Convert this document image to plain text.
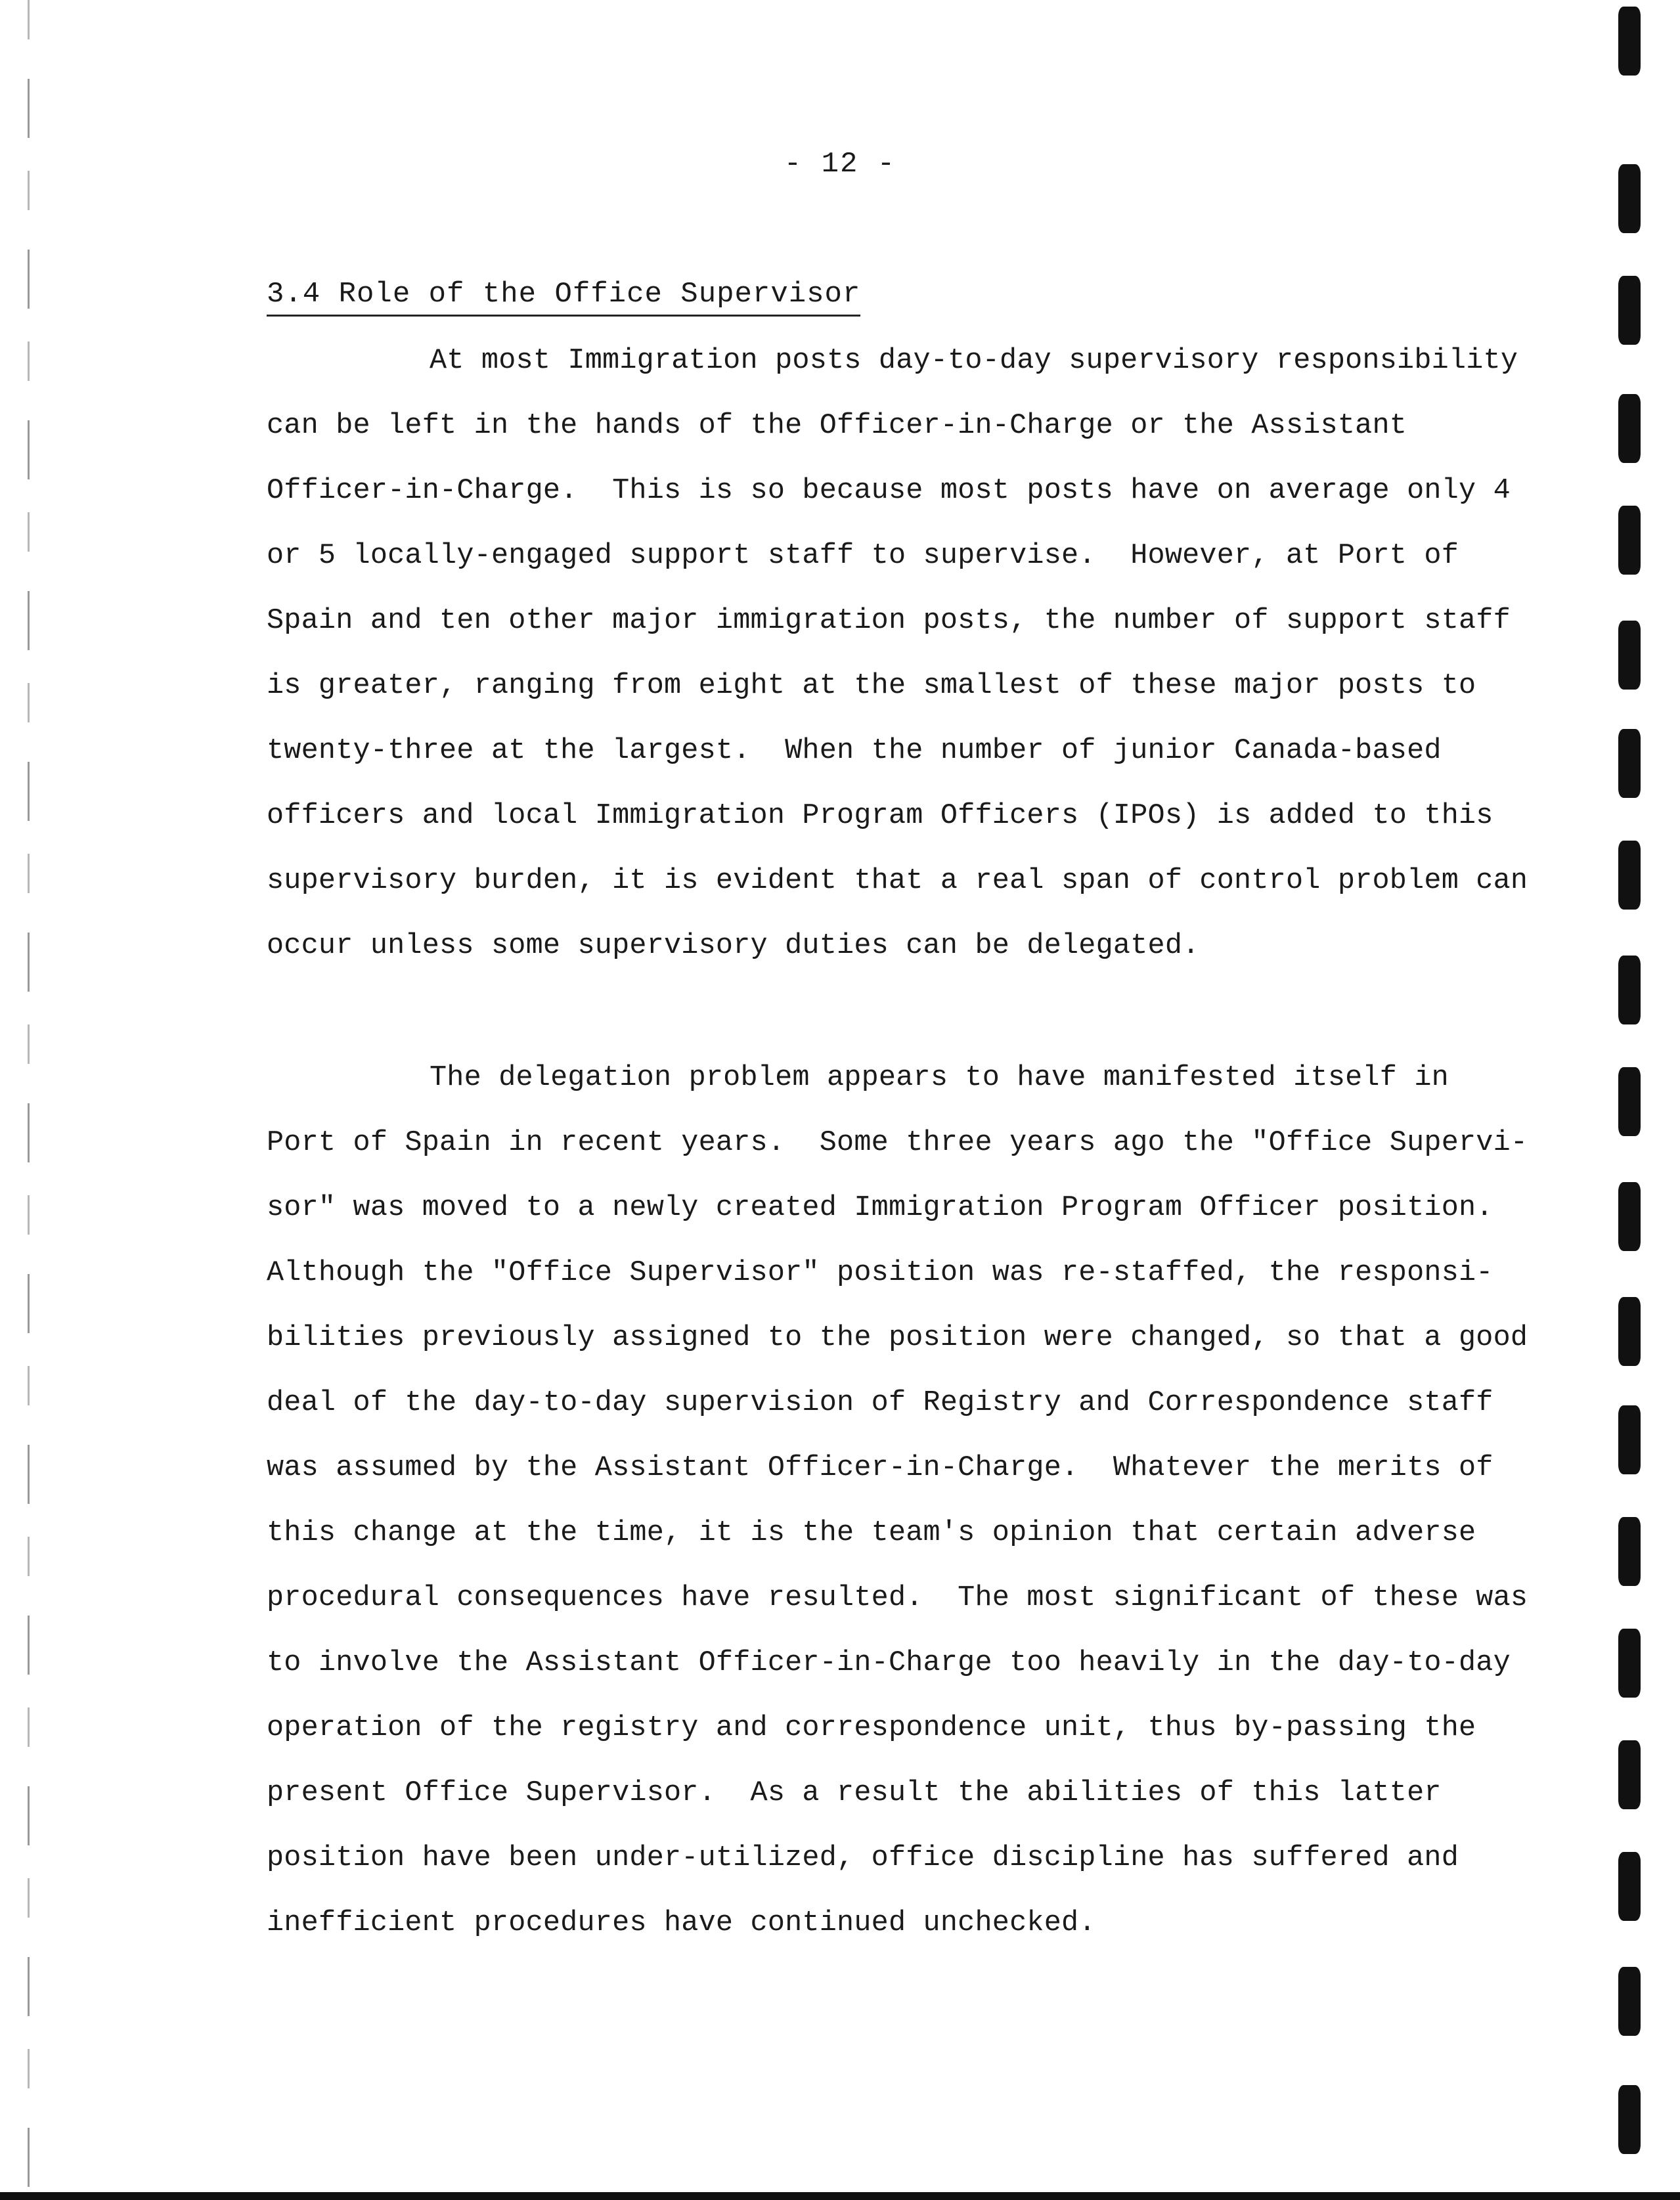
- 12 -
3.4 Role of the Office Supervisor
At most Immigration posts day-to-day supervisory responsibility
can be left in the hands of the Officer-in-Charge or the Assistant
Officer-in-Charge.  This is so because most posts have on average only 4
or 5 locally-engaged support staff to supervise.  However, at Port of
Spain and ten other major immigration posts, the number of support staff
is greater, ranging from eight at the smallest of these major posts to
twenty-three at the largest.  When the number of junior Canada-based
officers and local Immigration Program Officers (IPOs) is added to this
supervisory burden, it is evident that a real span of control problem can
occur unless some supervisory duties can be delegated.
The delegation problem appears to have manifested itself in
Port of Spain in recent years.  Some three years ago the "Office Supervi-
sor" was moved to a newly created Immigration Program Officer position.
Although the "Office Supervisor" position was re-staffed, the responsi-
bilities previously assigned to the position were changed, so that a good
deal of the day-to-day supervision of Registry and Correspondence staff
was assumed by the Assistant Officer-in-Charge.  Whatever the merits of
this change at the time, it is the team's opinion that certain adverse
procedural consequences have resulted.  The most significant of these was
to involve the Assistant Officer-in-Charge too heavily in the day-to-day
operation of the registry and correspondence unit, thus by-passing the
present Office Supervisor.  As a result the abilities of this latter
position have been under-utilized, office discipline has suffered and
inefficient procedures have continued unchecked.
